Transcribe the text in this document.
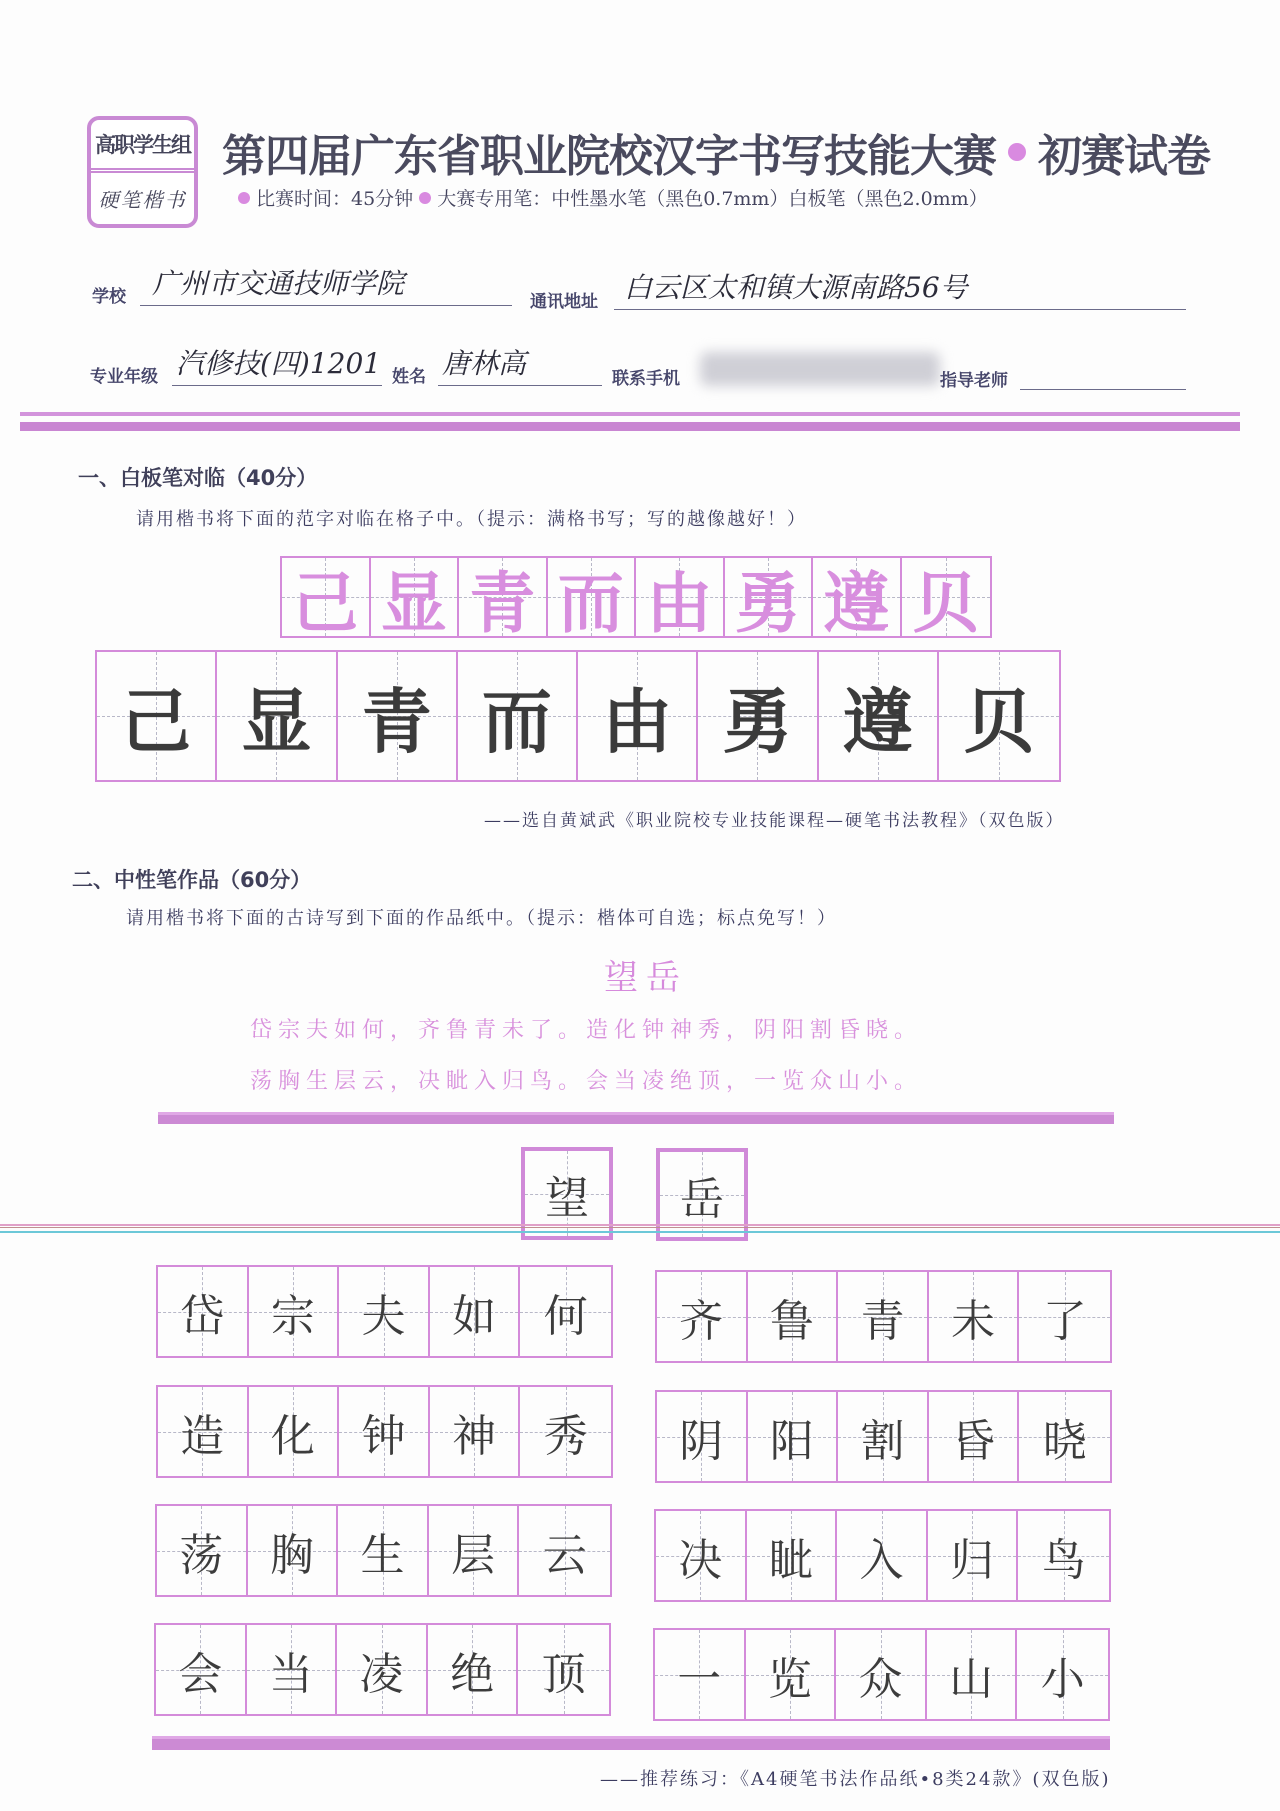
高职学生组
硬笔楷书
第四届广东省职业院校汉字书写技能大赛 初赛试卷
比赛时间：45分钟 大赛专用笔：中性墨水笔（黑色0.7mm）白板笔（黑色2.0mm）
学校 广州市交通技师学院
通讯地址 白云区太和镇大源南路56号
专业年级 汽修技(四)1201 姓名 唐林高	联系手机	指导老师
一、白板笔对临（40分）
请用楷书将下面的范字对临在格子中。（提示：满格书写；写的越像越好！）
己 显 青 而 由 勇 遵 贝
己 显 青 而 由 勇 遵 贝
——选自黄斌武《职业院校专业技能课程—硬笔书法教程》（双色版）
二、中性笔作品（60分）
请用楷书将下面的古诗写到下面的作品纸中。（提示：楷体可自选；标点免写！）
望岳
岱宗夫如何，齐鲁青未了。造化钟神秀，阴阳割昏晓。
荡胸生层云，决眦入归鸟。会当凌绝顶，一览众山小。
望 岳
岱 宗 夫 如 何 齐 鲁 青 未 了
造 化 钟 神 秀 阴 阳 割 昏 晓
荡 胸 生 层 云 决 眦 入 归 鸟
会 当 凌 绝 顶 一 览 众 山 小
——推荐练习：《A4硬笔书法作品纸•8类24款》(双色版)
